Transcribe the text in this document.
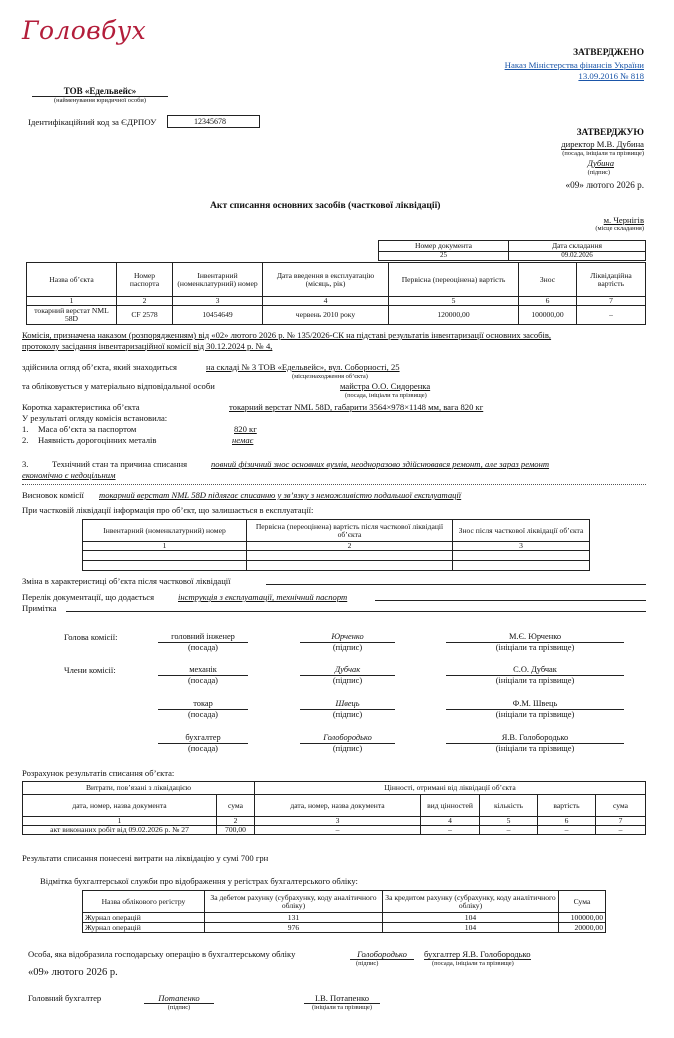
Головбух
ЗАТВЕРДЖЕНО
Наказ Міністерства фінансів України
13.09.2016 № 818
ТОВ «Едельвейс»
(найменування юридичної особи)
Ідентифікаційний код за ЄДРПОУ	12345678
ЗАТВЕРДЖУЮ
директор М.В. Дубина
(посада, ініціали та прізвище)
Дубина
(підпис)
«09» лютого 2026 р.
Акт списання основних засобів (часткової ліквідації)
м. Чернігів
(місце складання)
Номер документа	Дата складання
25	09.02.2026
Назва об’єкта	Номер паспорта	Інвентарний (номенклатурний) номер	Дата введення в експлуатацію (місяць, рік)	Первісна (переоцінена) вартість	Знос	Ліквідаційна вартість
1	2	3	4	5	6	7
токарний верстат NML 58D	CF 2578	10454649	червень 2010 року	120000,00	100000,00	–
Комісія, призначена наказом (розпорядженням) від «02» лютого 2026 р. № 135/2026-СК на підставі результатів інвентаризації основних засобів,
протоколу засідання інвентаризаційної комісії від 30.12.2024 р. № 4,
здійснила огляд об’єкта, який знаходиться	на складі № 3 ТОВ «Едельвейс», вул. Соборності, 25
(місцезнаходження об’єкта)
та обліковується у матеріально відповідальної особи	майстра О.О. Сидоренка
(посада, ініціали та прізвище)
Коротка характеристика об’єкта	токарний верстат NML 58D, габарити 3564×978×1148 мм, вага 820 кг
У результаті огляду комісія встановила:
1. Маса об’єкта за паспортом	820 кг
2. Наявність дорогоцінних металів	немає
3.	Технічний стан та причина списання	повний фізичний знос основних вузлів, неодноразово здійснювався ремонт, але зараз ремонт
економічно є недоцільним
Висновок комісії токарний верстат NML 58D підлягає списанню у зв’язку з неможливістю подальшої експлуатації
При частковій ліквідації інформація про об’єкт, що залишається в експлуатації:
Інвентарний (номенклатурний) номер	Первісна (переоцінена) вартість після часткової ліквідації об’єкта	Знос після часткової ліквідації об’єкта
1	2	3

Зміна в характеристиці об’єкта після часткової ліквідації
Перелік документації, що додається	інструкція з експлуатації, технічний паспорт
Примітка
Голова комісії:
Члени комісії:
головний інженер
(посада)
Юрченко
(підпис)
М.Є. Юрченко
(ініціали та прізвище)
механік
(посада)
Дубчак
(підпис)
С.О. Дубчак
(ініціали та прізвище)
токар
(посада)
Швець
(підпис)
Ф.М. Швець
(ініціали та прізвище)
бухгалтер
(посада)
Голобородько
(підпис)
Я.В. Голобородько
(ініціали та прізвище)
Розрахунок результатів списання об’єкта:
Витрати, пов’язані з ліквідацією		Цінності, отримані від ліквідації об’єкта				
дата, номер, назва документа	сума	дата, номер, назва документа	вид цінностей	кількість	вартість	сума
1	2	3	4	5	6	7
акт виконаних робіт від 09.02.2026 р. № 27	700,00	–	–	–	–	–
Результати списання понесені витрати на ліквідацію у сумі 700 грн
Відмітка бухгалтерської служби про відображення у регістрах бухгалтерського обліку:
Назва облікового регістру	За дебетом рахунку (субрахунку, коду аналітичного обліку)	За кредитом рахунку (субрахунку, коду аналітичного обліку)	Сума
Журнал операцій	131	104	100000,00
Журнал операцій	976	104	20000,00
Особа, яка відобразила господарську операцію в бухгалтерському обліку	Голобородько
(підпис)
бухгалтер Я.В. Голобородько
(посада, ініціали та прізвище)
«09» лютого 2026 р.
Головний бухгалтер	Потапенко
(підпис)
І.В. Потапенко
(ініціали та прізвище)
